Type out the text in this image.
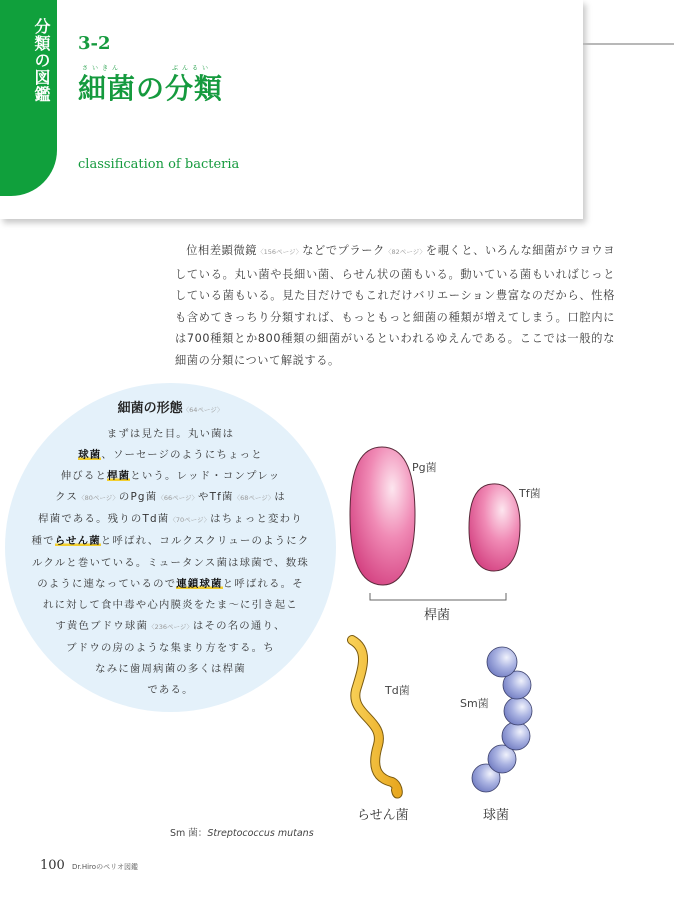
分類の図鑑	3-2
さいきん	ぶんるい
細菌の分類
classification of bacteria

位相差顕微鏡〈156ページ〉などでプラーク〈82ページ〉を覗くと、いろんな細菌がウヨウヨしている。丸い菌や長細い菌、らせん状の菌もいる。動いている菌もいればじっとしている菌もいる。見た目だけでもこれだけバリエーション豊富なのだから、性格も含めてきっちり分類すれば、もっともっと細菌の種類が増えてしまう。口腔内には700種類とか800種類の細菌がいるといわれるゆえんである。ここでは一般的な細菌の分類について解説する。

細菌の形態〈64ページ〉
まずは見た目。丸い菌は
球菌、ソーセージのようにちょっと
伸びると桿菌という。レッド・コンプレッ
クス〈80ページ〉のPg菌〈66ページ〉やTf菌〈68ページ〉は
桿菌である。残りのTd菌〈70ページ〉はちょっと変わり
種でらせん菌と呼ばれ、コルクスクリューのようにク
ルクルと巻いている。ミュータンス菌は球菌で、数珠
のように連なっているので連鎖球菌と呼ばれる。そ
れに対して食中毒や心内膜炎をたま〜に引き起こ
す黄色ブドウ球菌〈236ページ〉はその名の通り、
ブドウの房のような集まり方をする。ち
なみに歯周病菌の多くは桿菌
である。
Pg菌
Tf菌
桿菌
Td菌
Sm菌
らせん菌	球菌
Sm 菌：Streptococcus mutans
100 Dr.Hiroのペリオ図鑑
